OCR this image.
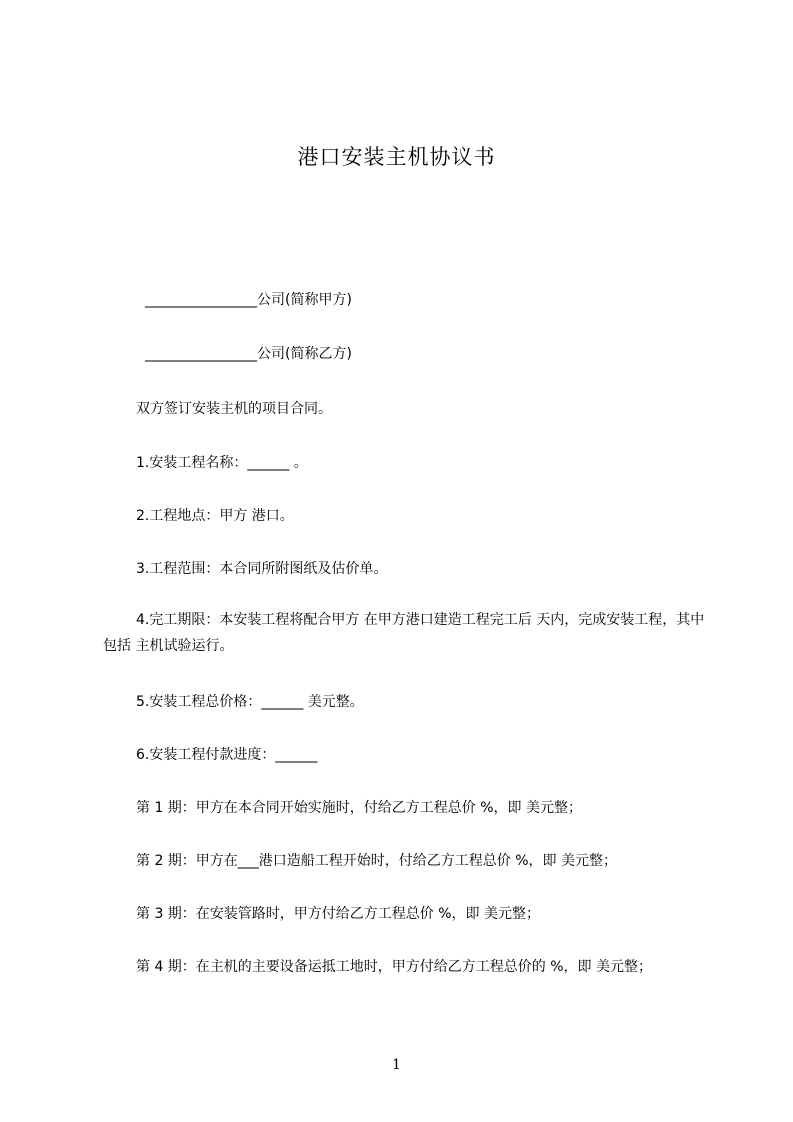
港口安装主机协议书
________________公司(简称甲方)
________________公司(简称乙方)
双方签订安装主机的项目合同。
1.安装工程名称：______ 。
2.工程地点：甲方 港口。
3.工程范围：本合同所附图纸及估价单。
4.完工期限：本安装工程将配合甲方 在甲方港口建造工程完工后 天内，完成安装工程，其中包括 主机试验运行。
5.安装工程总价格：______ 美元整。
6.安装工程付款进度：______
第 1 期：甲方在本合同开始实施时，付给乙方工程总价 %，即 美元整；
第 2 期：甲方在___港口造船工程开始时，付给乙方工程总价 %，即 美元整；
第 3 期：在安装管路时，甲方付给乙方工程总价 %，即 美元整；
第 4 期：在主机的主要设备运抵工地时，甲方付给乙方工程总价的 %，即 美元整；
1
